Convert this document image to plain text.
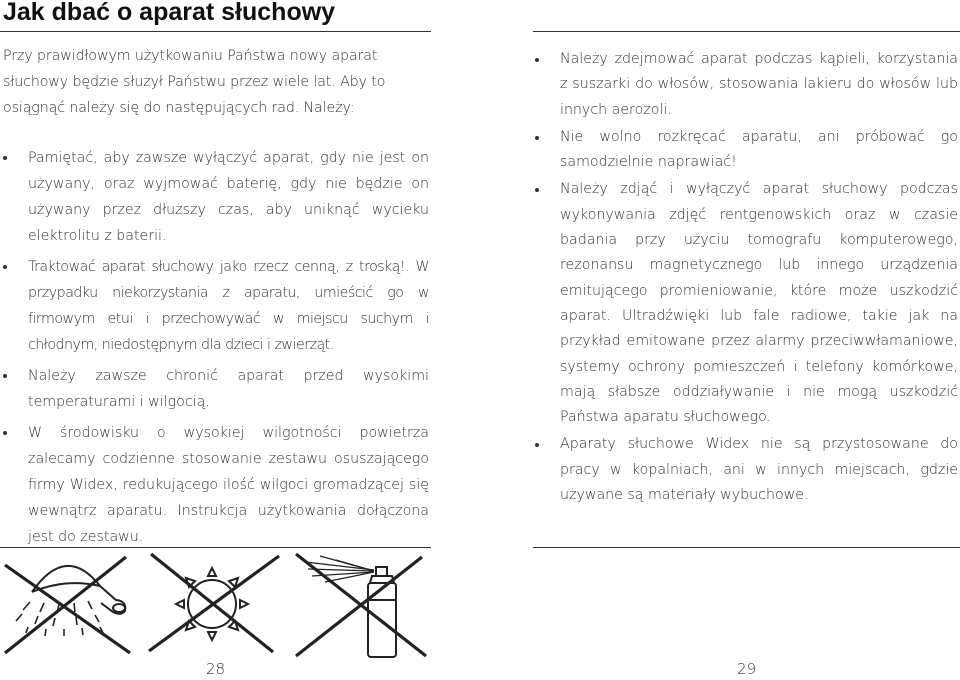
Jak dbać o aparat słuchowy

Przy prawidłowym użytkowaniu Państwa nowy aparat słuchowy będzie służył Państwu przez wiele lat. Aby to osiągnąć należy się do następujących rad. Należy:

Pamiętać, aby zawsze wyłączyć aparat, gdy nie jest on używany, oraz wyjmować baterię, gdy nie będzie on używany przez dłuższy czas, aby uniknąć wycieku elektrolitu z baterii.
Traktować aparat słuchowy jako rzecz cenną, z troską!. W przypadku niekorzystania z aparatu, umieścić go w firmowym etui i przechowywać w miejscu suchym i chłodnym, niedostępnym dla dzieci i zwierząt.
Należy zawsze chronić aparat przed wysokimi temperaturami i wilgocią.
W środowisku o wysokiej wilgotności powietrza zalecamy codzienne stosowanie zestawu osuszającego firmy Widex, redukującego ilość wilgoci gromadzącej się wewnątrz aparatu. Instrukcja użytkowania dołączona jest do zestawu.
Należy zdejmować aparat podczas kąpieli, korzystania z suszarki do włosów, stosowania lakieru do włosów lub innych aerozoli.
Nie wolno rozkręcać aparatu, ani próbować go samodzielnie naprawiać!
Należy zdjąć i wyłączyć aparat słuchowy podczas wykonywania zdjęć rentgenowskich oraz w czasie badania przy użyciu tomografu komputerowego, rezonansu magnetycznego lub innego urządzenia emitującego promieniowanie, które może uszkodzić aparat. Ultradźwięki lub fale radiowe, takie jak na przykład emitowane przez alarmy przeciwwłamaniowe, systemy ochrony pomieszczeń i telefony komórkowe, mają słabsze oddziaływanie i nie mogą uszkodzić Państwa aparatu słuchowego.
Aparaty słuchowe Widex nie są przystosowane do pracy w kopalniach, ani w innych miejscach, gdzie używane są materiały wybuchowe.
28	29
